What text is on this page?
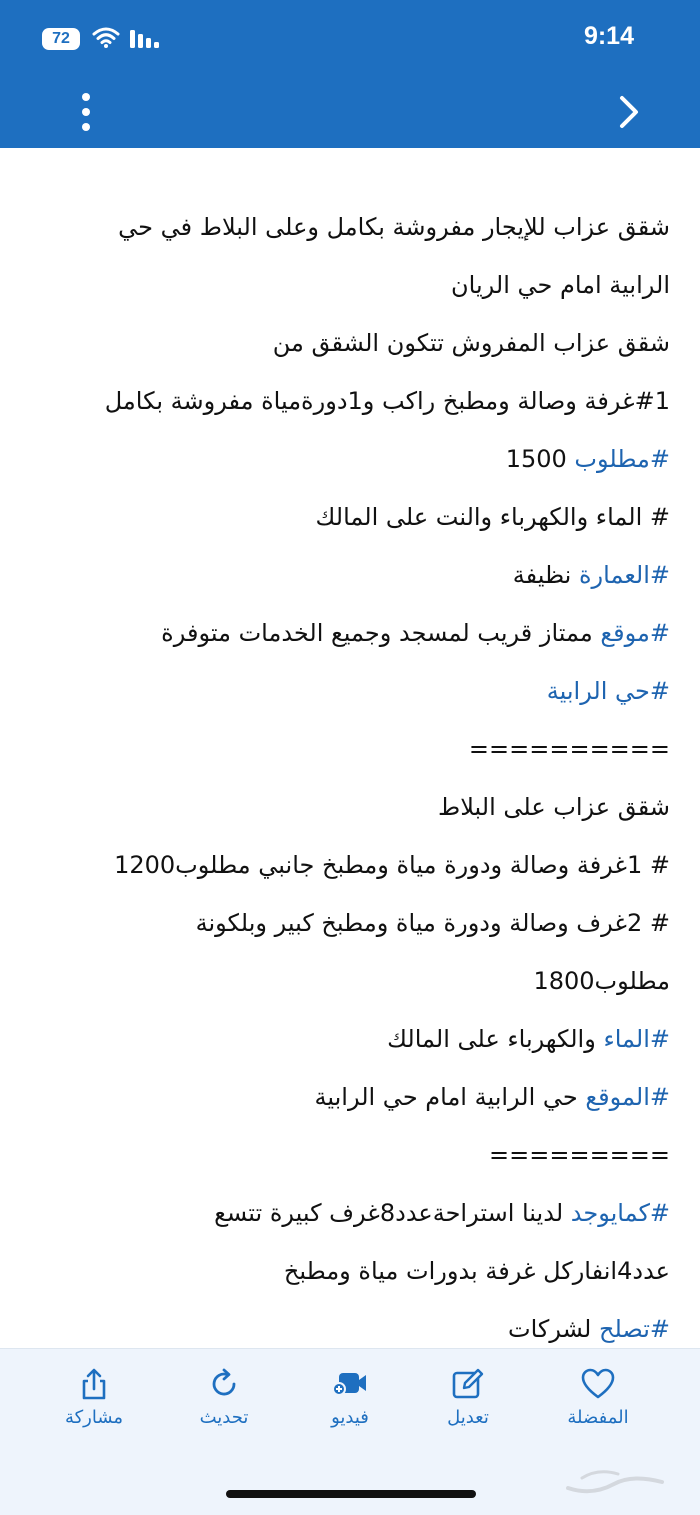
72	9:14
شقق عزاب للإيجار مفروشة بكامل وعلى البلاط في حي
الرابية امام حي الريان
شقق عزاب المفروش تتكون الشقق من
#1غرفة وصالة ومطبخ راكب و1دورةمياة مفروشة بكامل
#مطلوب 1500
# الماء والكهرباء والنت على المالك
#العمارة نظيفة
#موقع ممتاز قريب لمسجد وجميع الخدمات متوفرة
#حي الرابية
==========
شقق عزاب على البلاط
# 1غرفة وصالة ودورة مياة ومطبخ جانبي مطلوب1200
# 2غرف وصالة ودورة مياة ومطبخ كبير وبلكونة
مطلوب1800
#الماء والكهرباء على المالك
#الموقع حي الرابية امام حي الرابية
=========
#كمايوجد لدينا استراحةعدد8غرف كبيرة تتسع
عدد4انفاركل غرفة بدورات مياة ومطبخ
#تصلح لشركات
المفضلة
تعديل
فيديو
تحديث
مشاركة
